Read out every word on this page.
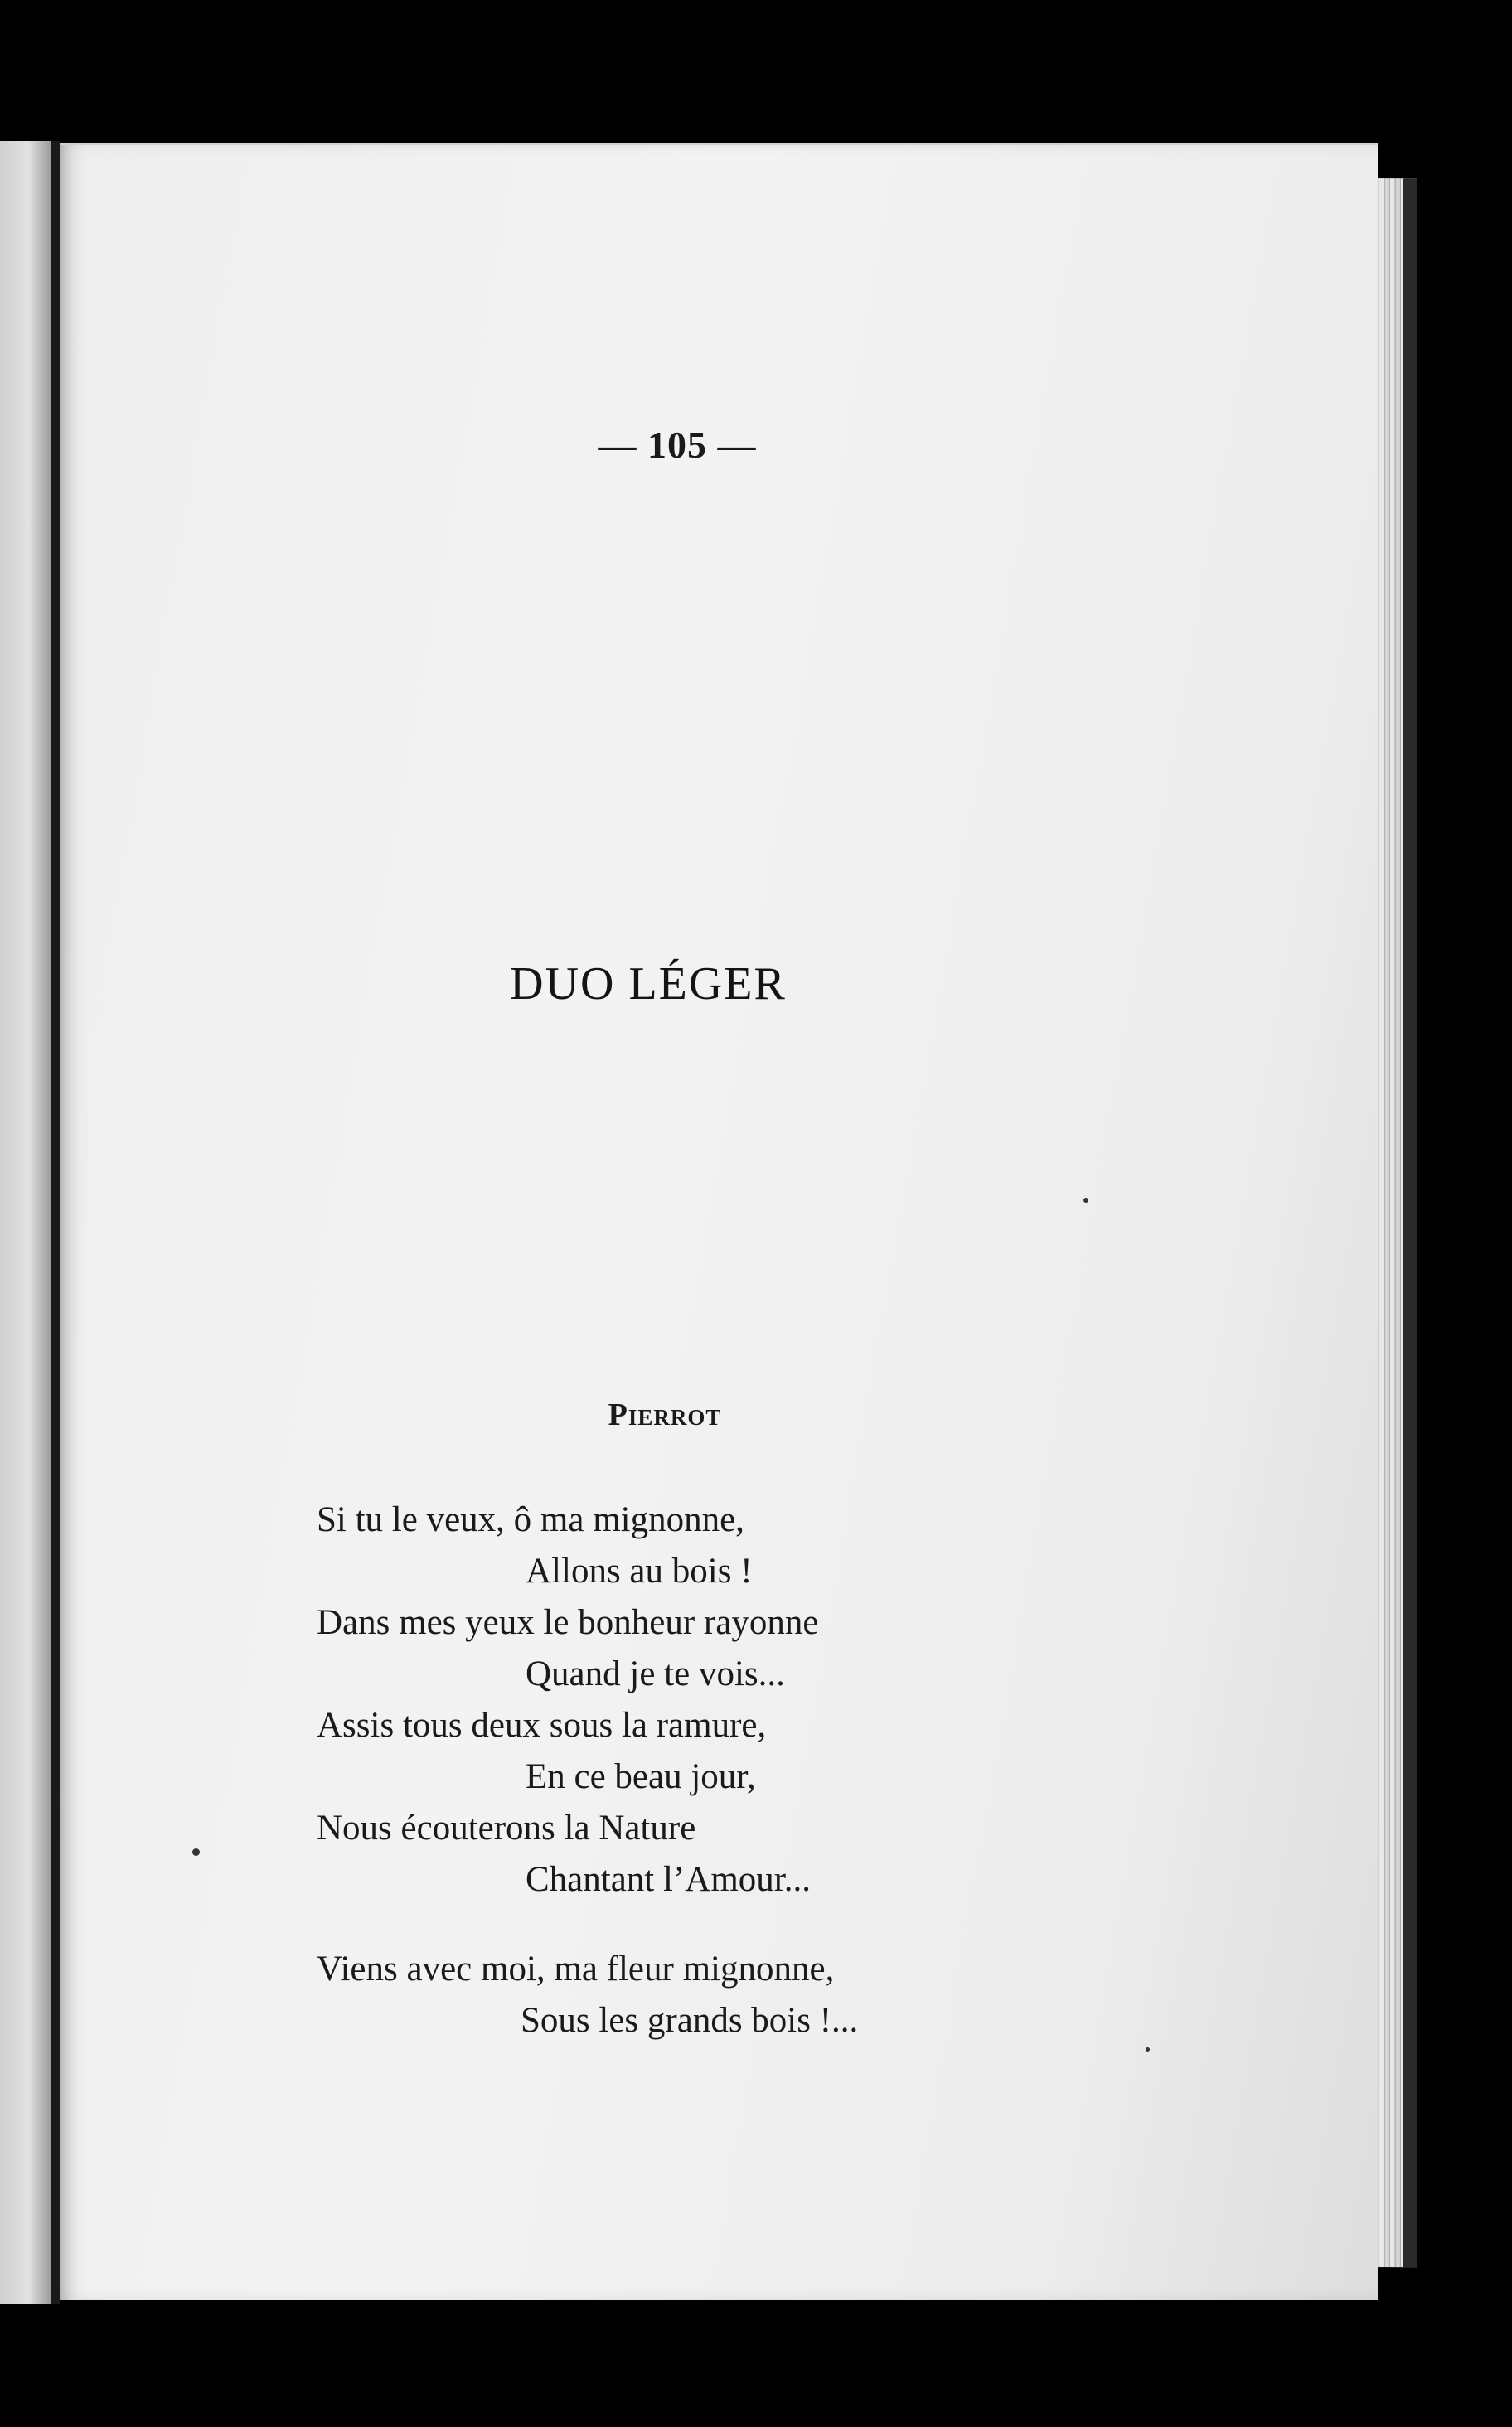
— 105 —
DUO LÉGER
Pierrot
Si tu le veux, ô ma mignonne,
Allons au bois !
Dans mes yeux le bonheur rayonne
Quand je te vois...
Assis tous deux sous la ramure,
En ce beau jour,
Nous écouterons la Nature
Chantant l’Amour...
Viens avec moi, ma fleur mignonne,
Sous les grands bois !...
